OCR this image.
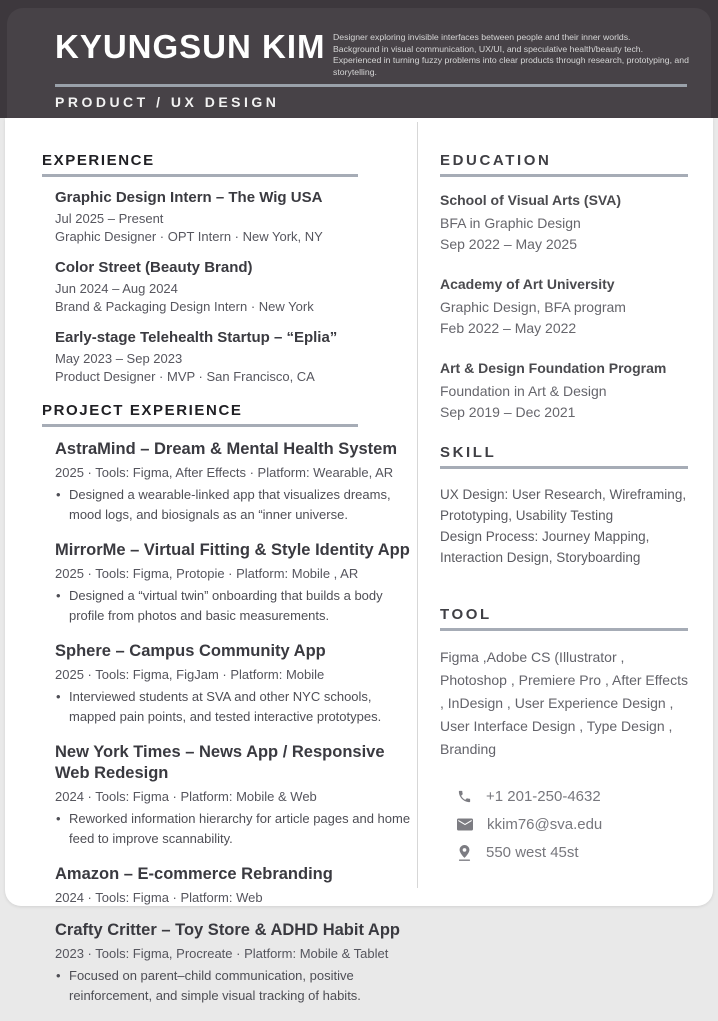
KYUNGSUN KIM Designer exploring invisible interfaces between people and their inner worlds.
Background in visual communication, UX/UI, and speculative health/beauty tech.
Experienced in turning fuzzy problems into clear products through research, prototyping, and storytelling.
PRODUCT / UX DESIGN
EXPERIENCE
Graphic Design Intern – The Wig USA
Jul 2025 – Present
Graphic Designer · OPT Intern · New York, NY
Color Street (Beauty Brand)
Jun 2024 – Aug 2024
Brand & Packaging Design Intern · New York
Early-stage Telehealth Startup – “Eplia”
May 2023 – Sep 2023
Product Designer · MVP · San Francisco, CA
PROJECT EXPERIENCE
AstraMind – Dream & Mental Health System
2025 · Tools: Figma, After Effects · Platform: Wearable, AR
• Designed a wearable-linked app that visualizes dreams, mood logs, and biosignals as an “inner universe.
MirrorMe – Virtual Fitting & Style Identity App
2025 · Tools: Figma, Protopie · Platform: Mobile , AR
• Designed a “virtual twin” onboarding that builds a body profile from photos and basic measurements.
Sphere – Campus Community App
2025 · Tools: Figma, FigJam · Platform: Mobile
• Interviewed students at SVA and other NYC schools, mapped pain points, and tested interactive prototypes.
New York Times – News App / Responsive Web Redesign
2024 · Tools: Figma · Platform: Mobile & Web
• Reworked information hierarchy for article pages and home feed to improve scannability.
Amazon – E-commerce Rebranding
2024 · Tools: Figma · Platform: Web
Crafty Critter – Toy Store & ADHD Habit App
2023 · Tools: Figma, Procreate · Platform: Mobile & Tablet
• Focused on parent–child communication, positive reinforcement, and simple visual tracking of habits.
EDUCATION
School of Visual Arts (SVA)
BFA in Graphic Design
Sep 2022 – May 2025
Academy of Art University
Graphic Design, BFA program
Feb 2022 – May 2022
Art & Design Foundation Program
Foundation in Art & Design
Sep 2019 – Dec 2021
SKILL
UX Design: User Research, Wireframing, Prototyping, Usability Testing
Design Process: Journey Mapping, Interaction Design, Storyboarding
TOOL
Figma ,Adobe CS (Illustrator , Photoshop , Premiere Pro , After Effects , InDesign , User Experience Design , User Interface Design , Type Design , Branding
+1 201-250-4632
kkim76@sva.edu
550 west 45st
